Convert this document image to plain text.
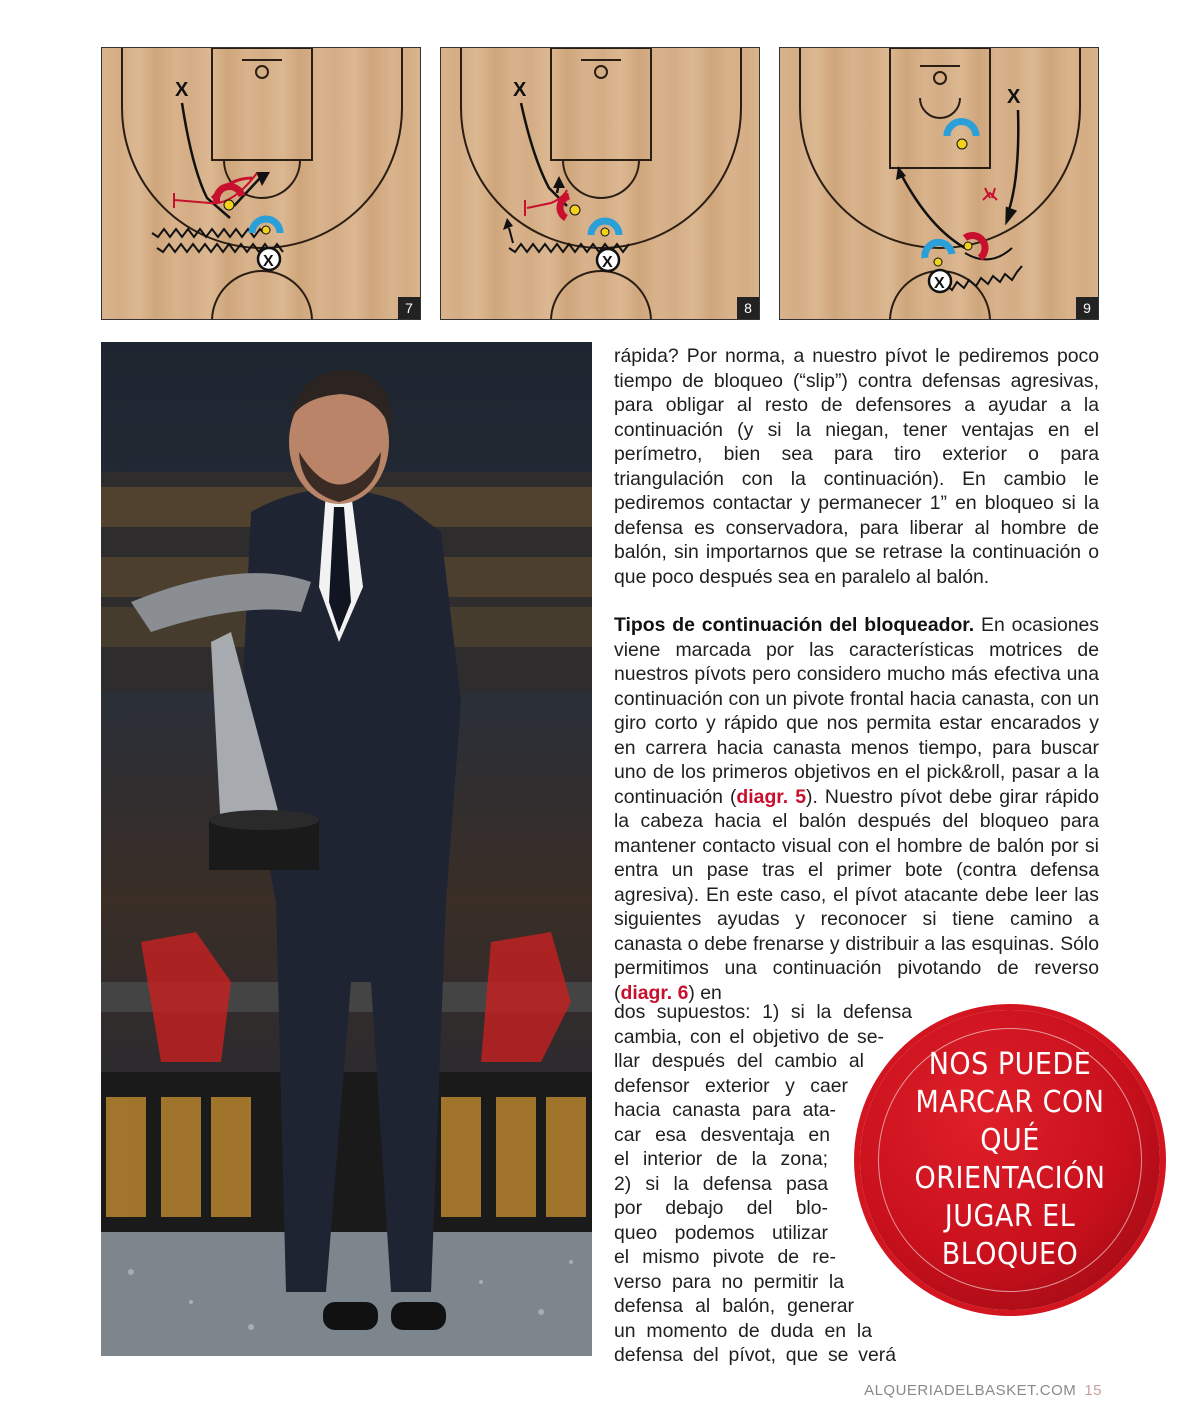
X
X
7
X
X
8
X
X
9

rápida? Por norma, a nuestro pívot le pediremos poco tiempo de bloqueo (“slip”) contra defensas agresivas, para obligar al resto de defensores a ayudar a la continuación (y si la niegan, tener ventajas en el perímetro, bien sea para tiro exterior o para triangulación con la continuación). En cambio le pediremos contactar y permanecer 1” en bloqueo si la defensa es conservadora, para liberar al hombre de balón, sin importarnos que se retrase la continuación o que poco después sea en paralelo al balón.

Tipos de continuación del bloqueador. En ocasiones viene marcada por las características motrices de nuestros pívots pero considero mucho más efectiva una continuación con un pivote frontal hacia canasta, con un giro corto y rápido que nos permita estar encarados y en carrera hacia canasta menos tiempo, para buscar uno de los primeros objetivos en el pick&roll, pasar a la continuación (diagr. 5). Nuestro pívot debe girar rápido la cabeza hacia el balón después del bloqueo para mantener contacto visual con el hombre de balón por si entra un pase tras el primer bote (contra defensa agresiva). En este caso, el pívot atacante debe leer las siguientes ayudas y reconocer si tiene camino a canasta o debe frenarse y distribuir a las esquinas. Sólo permitimos una continuación pivotando de reverso (diagr. 6) en

dos supuestos: 1) si la defensa
cambia, con el objetivo de se-
llar después del cambio al
defensor exterior y caer
hacia canasta para ata-
car esa desventaja en
el interior de la zona;
2) si la defensa pasa
por debajo del blo-
queo podemos utilizar
el mismo pivote de re-
verso para no permitir la
defensa al balón, generar
un momento de duda en la
defensa del pívot, que se verá
NOS PUEDE MARCAR CON QUÉ ORIENTACIÓN JUGAR EL BLOQUEO
ALQUERIADELBASKET.COM 15
